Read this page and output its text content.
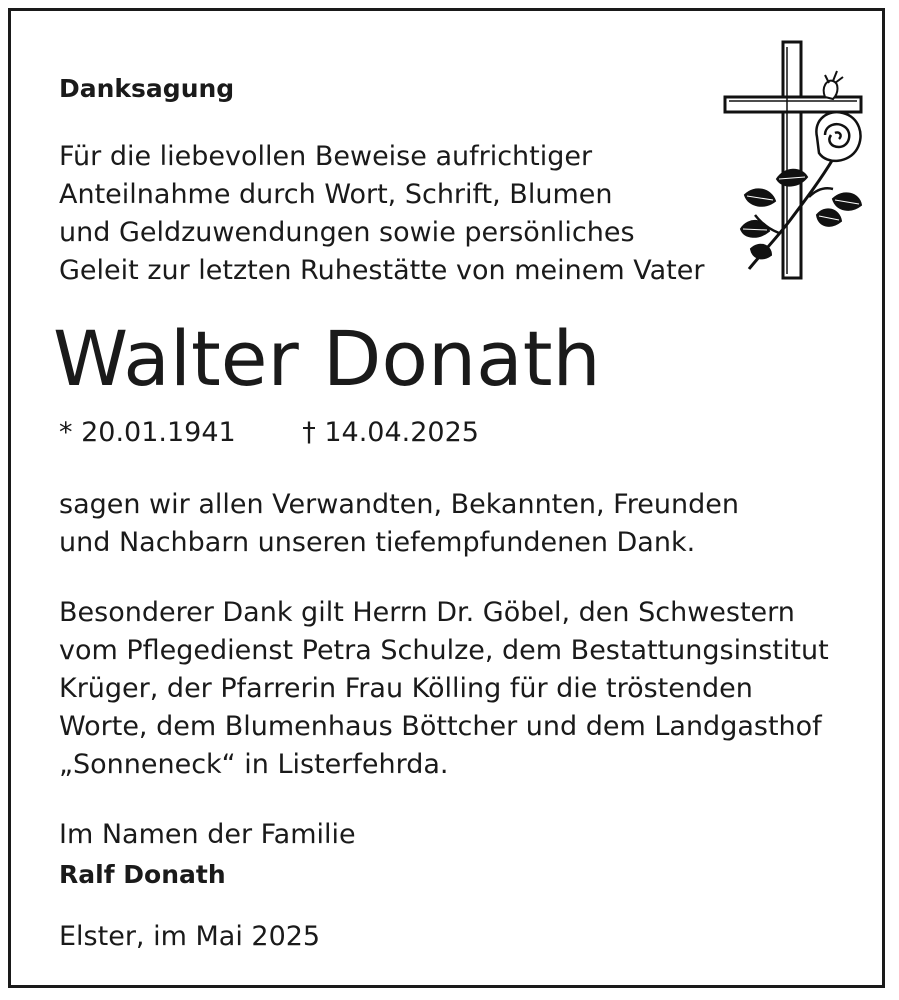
Danksagung
Für die liebevollen Beweise aufrichtiger
Anteilnahme durch Wort, Schrift, Blumen
und Geldzuwendungen sowie persönliches
Geleit zur letzten Ruhestätte von meinem Vater
Walter Donath
* 20.01.1941 † 14.04.2025
sagen wir allen Verwandten, Bekannten, Freunden
und Nachbarn unseren tiefempfundenen Dank.
Besonderer Dank gilt Herrn Dr. Göbel, den Schwestern
vom Pflegedienst Petra Schulze, dem Bestattungsinstitut
Krüger, der Pfarrerin Frau Kölling für die tröstenden
Worte, dem Blumenhaus Böttcher und dem Landgasthof
„Sonneneck“ in Listerfehrda.
Im Namen der Familie
Ralf Donath
Elster, im Mai 2025
